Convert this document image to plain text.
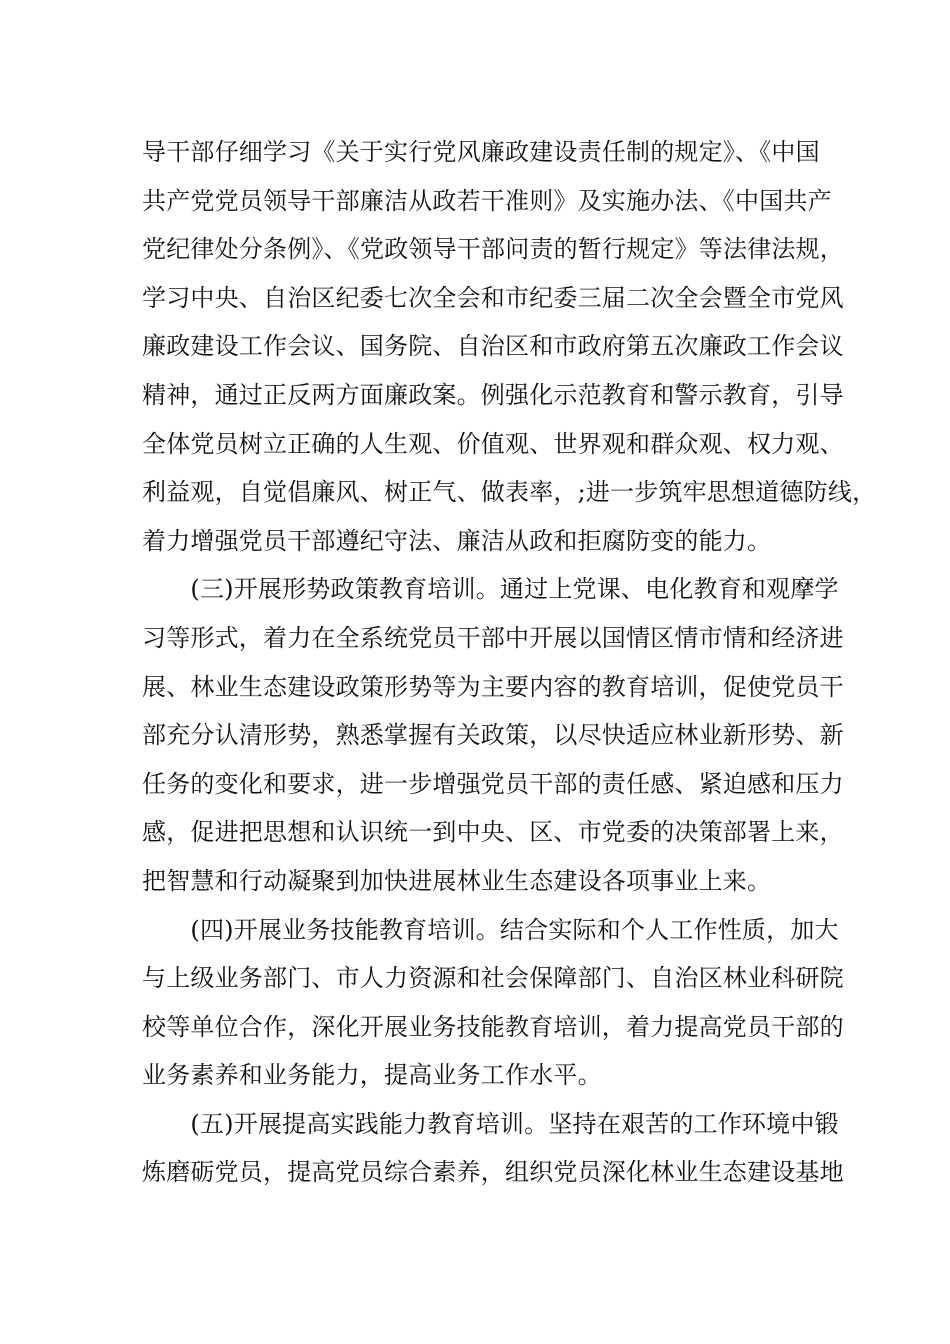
导干部仔细学习《关于实行党风廉政建设责任制的规定》、《中国
共产党党员领导干部廉洁从政若干准则》及实施办法、《中国共产
党纪律处分条例》、《党政领导干部问责的暂行规定》等法律法规，
学习中央、自治区纪委七次全会和市纪委三届二次全会暨全市党风
廉政建设工作会议、国务院、自治区和市政府第五次廉政工作会议
精神，通过正反两方面廉政案。例强化示范教育和警示教育，引导
全体党员树立正确的人生观、价值观、世界观和群众观、权力观、
利益观，自觉倡廉风、树正气、做表率，;进一步筑牢思想道德防线，
着力增强党员干部遵纪守法、廉洁从政和拒腐防变的能力。
　　(三)开展形势政策教育培训。通过上党课、电化教育和观摩学
习等形式，着力在全系统党员干部中开展以国情区情市情和经济进
展、林业生态建设政策形势等为主要内容的教育培训，促使党员干
部充分认清形势，熟悉掌握有关政策，以尽快适应林业新形势、新
任务的变化和要求，进一步增强党员干部的责任感、紧迫感和压力
感，促进把思想和认识统一到中央、区、市党委的决策部署上来，
把智慧和行动凝聚到加快进展林业生态建设各项事业上来。
　　(四)开展业务技能教育培训。结合实际和个人工作性质，加大
与上级业务部门、市人力资源和社会保障部门、自治区林业科研院
校等单位合作，深化开展业务技能教育培训，着力提高党员干部的
业务素养和业务能力，提高业务工作水平。
　　(五)开展提高实践能力教育培训。坚持在艰苦的工作环境中锻
炼磨砺党员，提高党员综合素养，组织党员深化林业生态建设基地
